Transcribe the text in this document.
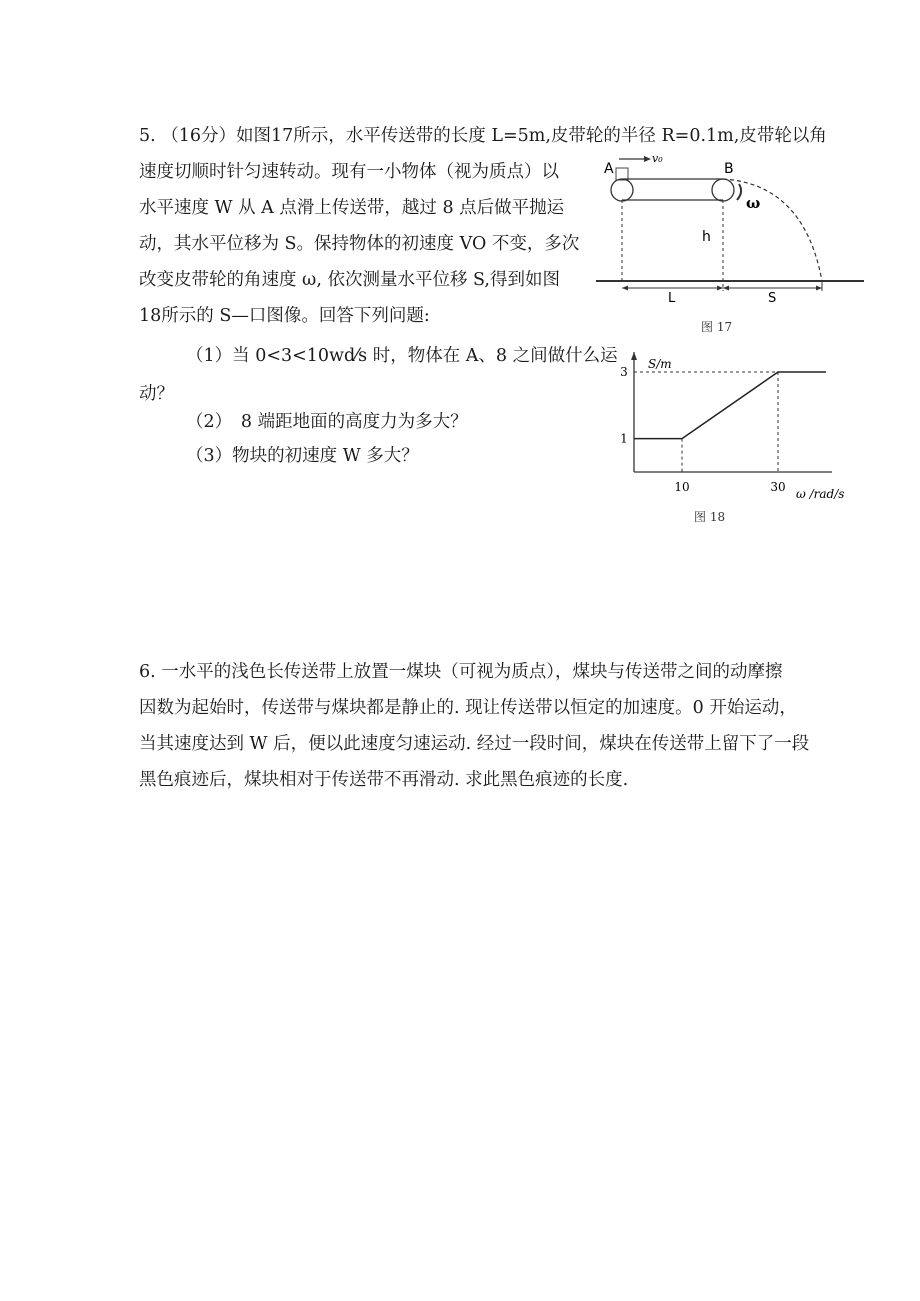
5. （16分）如图17所示，水平传送带的长度 L=5m,皮带轮的半径 R=0.1m,皮带轮以角
速度切顺时针匀速转动。现有一小物体（视为质点）以
水平速度 W 从 A 点滑上传送带，越过 8 点后做平抛运
动，其水平位移为 S。保持物体的初速度 VO 不变，多次
改变皮带轮的角速度 ω, 依次测量水平位移 S,得到如图
18所示的 S—口图像。回答下列问题:
（1）当 0<3<10wd⁄s 时，物体在 A、8 之间做什么运
动？
（2）　8 端距地面的高度力为多大？
（3）物块的初速度 W 多大？
A
v₀
B
ω
h
L	S
图 17
S/m
ω /rad/s
1
3
10	30
图 18
6. 一水平的浅色长传送带上放置一煤块（可视为质点），煤块与传送带之间的动摩擦
因数为起始时，传送带与煤块都是静止的. 现让传送带以恒定的加速度。0 开始运动，
当其速度达到 W 后，便以此速度匀速运动. 经过一段时间，煤块在传送带上留下了一段
黑色痕迹后，煤块相对于传送带不再滑动. 求此黑色痕迹的长度.
